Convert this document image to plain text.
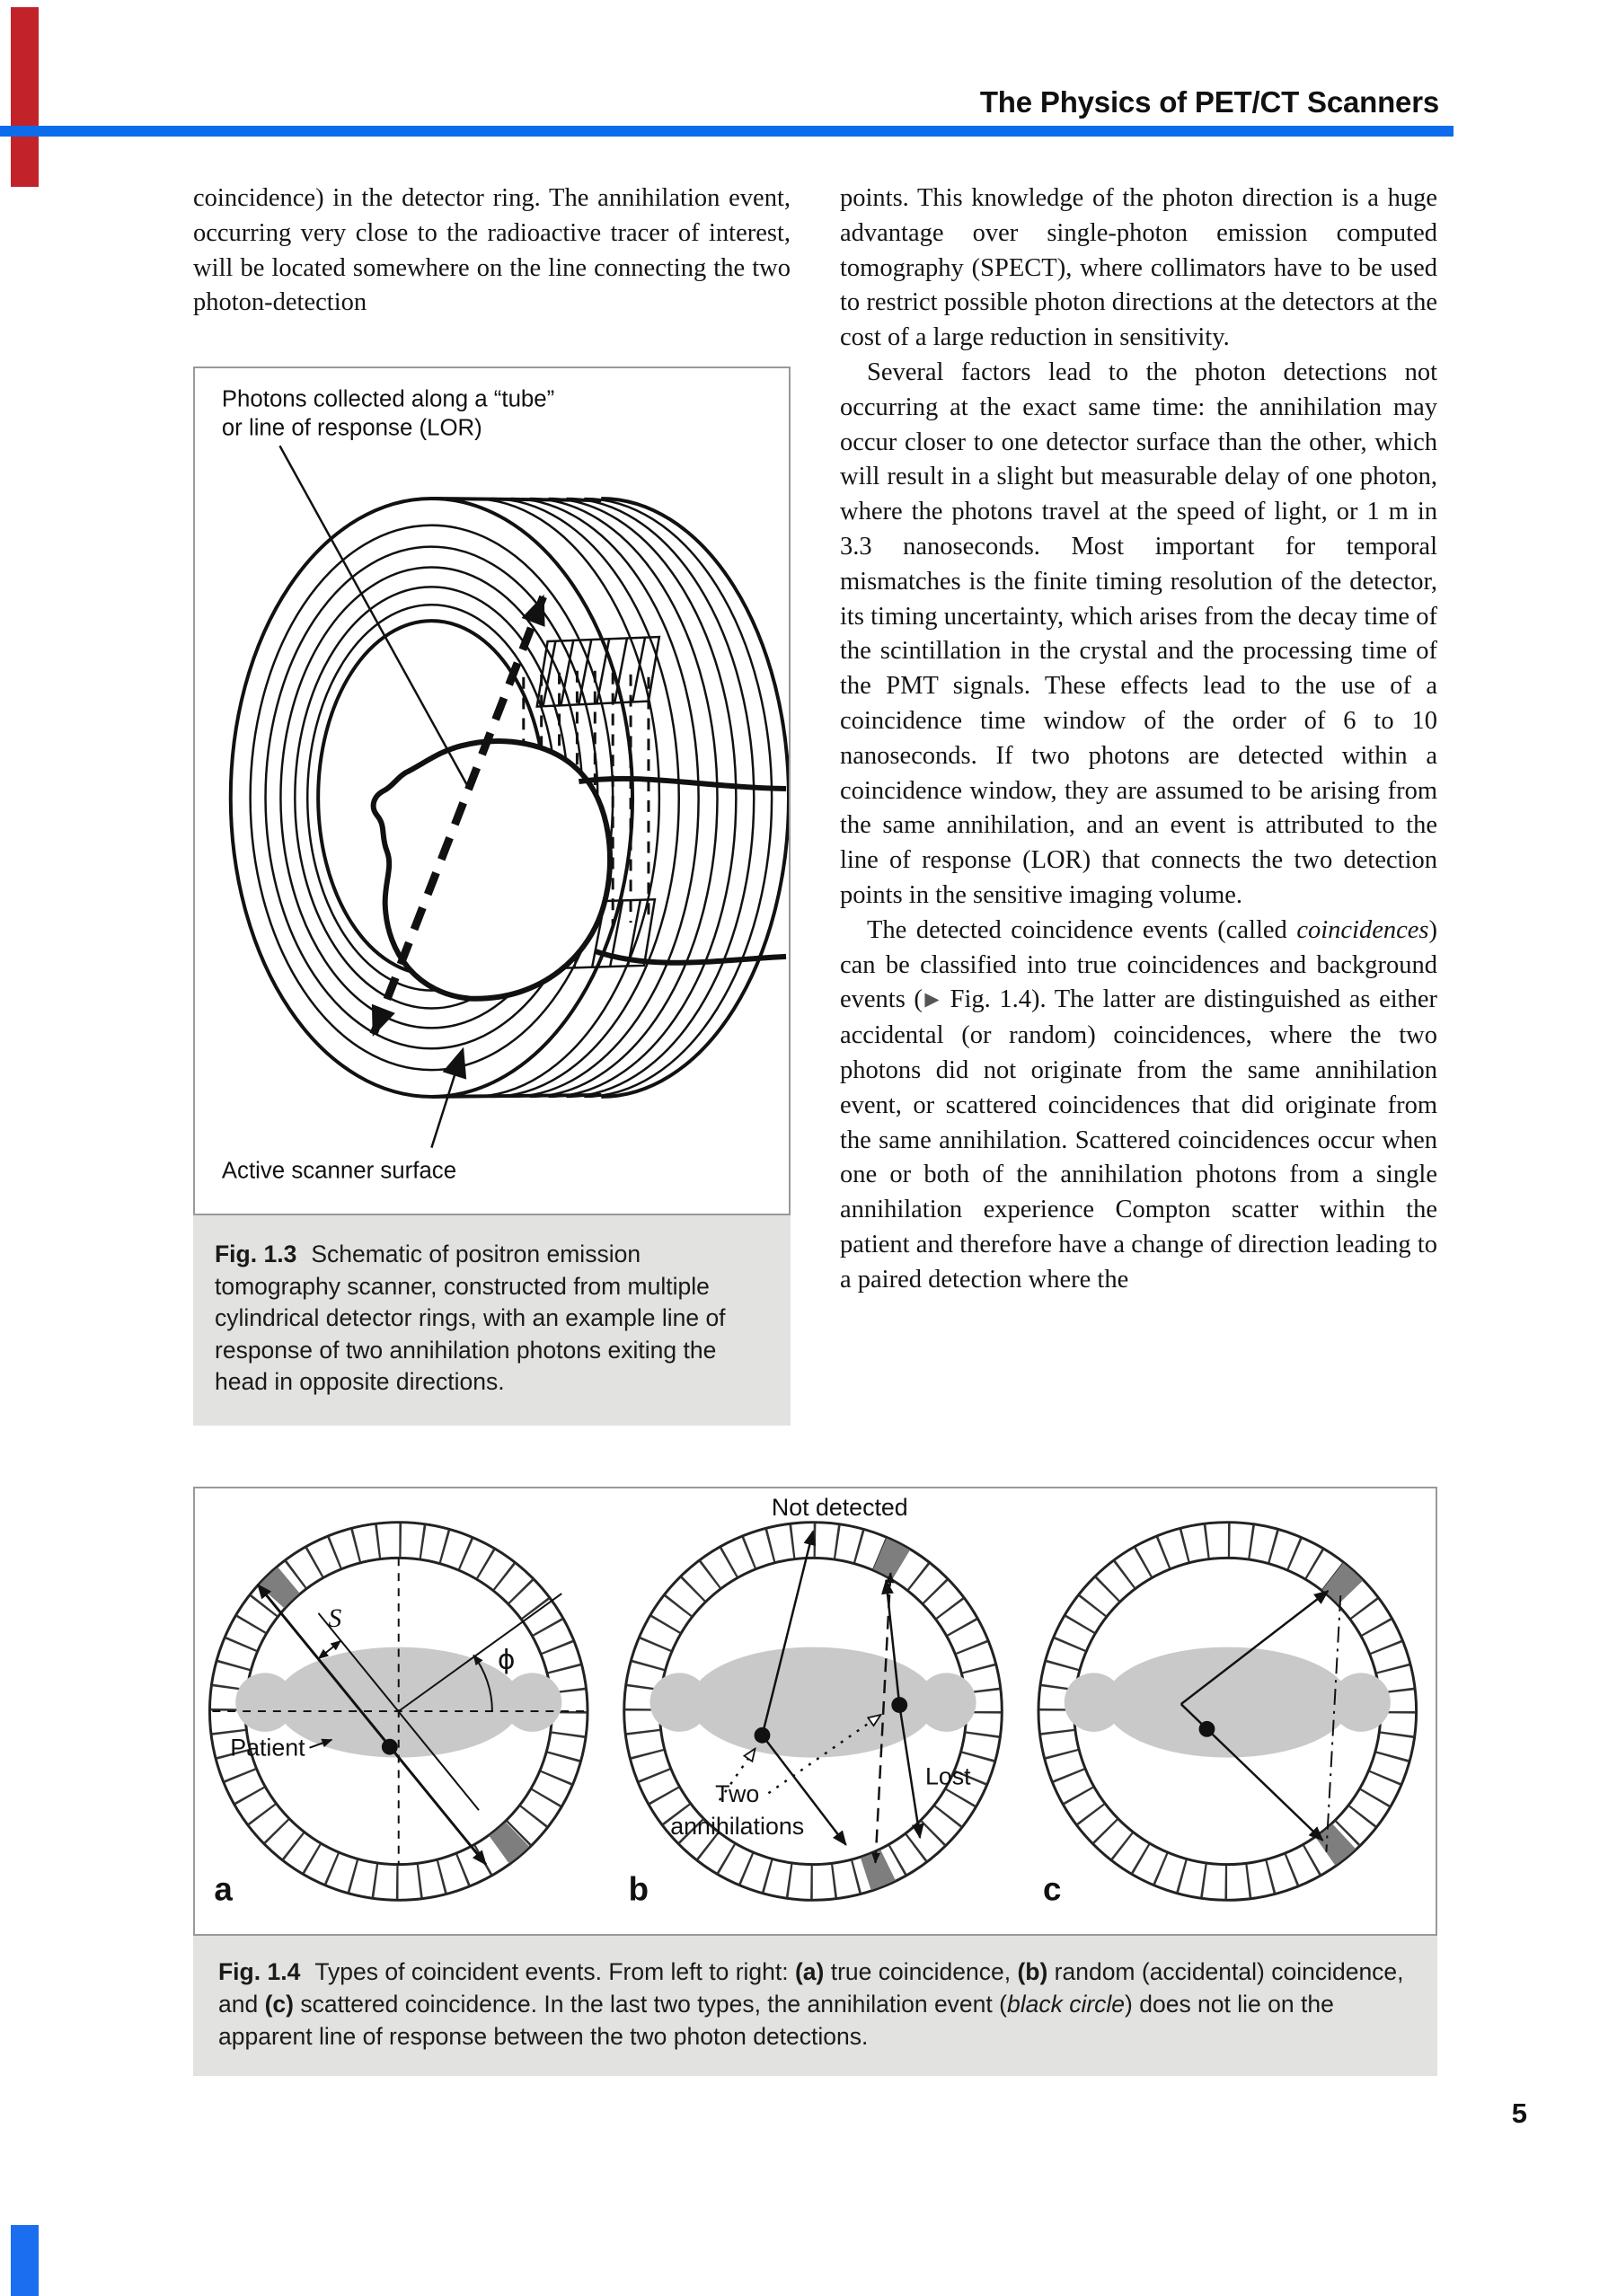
The Physics of PET/CT Scanners

coincidence) in the detector ring. The annihilation event, occurring very close to the radioactive tracer of interest, will be located somewhere on the line connecting the two photon-detection

points. This knowledge of the photon direction is a huge advantage over single-photon emission computed tomography (SPECT), where collimators have to be used to restrict possible photon directions at the detectors at the cost of a large reduction in sensitivity.

Several factors lead to the photon detections not occurring at the exact same time: the annihilation may occur closer to one detector surface than the other, which will result in a slight but measurable delay of one photon, where the photons travel at the speed of light, or 1 m in 3.3 nanoseconds. Most important for temporal mismatches is the finite timing resolution of the detector, its timing uncertainty, which arises from the decay time of the scintillation in the crystal and the processing time of the PMT signals. These effects lead to the use of a coincidence time window of the order of 6 to 10 nanoseconds. If two photons are detected within a coincidence window, they are assumed to be arising from the same annihilation, and an event is attributed to the line of response (LOR) that connects the two detection points in the sensitive imaging volume.

The detected coincidence events (called coincidences) can be classified into true coincidences and background events (▶ Fig. 1.4). The latter are distinguished as either accidental (or random) coincidences, where the two photons did not originate from the same annihilation event, or scattered coincidences that did originate from the same annihilation. Scattered coincidences occur when one or both of the annihilation photons from a single annihilation experience Compton scatter within the patient and therefore have a change of direction leading to a paired detection where the

Photons collected along a “tube”
or line of response (LOR)
Active scanner surface
Fig. 1.3 Schematic of positron emission tomography scanner, constructed from multiple cylindrical detector rings, with an example line of response of two annihilation photons exiting the head in opposite directions.
S
ϕ
Patient
a
Not detected
Two
annihilations
Lost
b	c
Fig. 1.4 Types of coincident events. From left to right: (a) true coincidence, (b) random (accidental) coincidence, and (c) scattered coincidence. In the last two types, the annihilation event (black circle) does not lie on the apparent line of response between the two photon detections.
5
